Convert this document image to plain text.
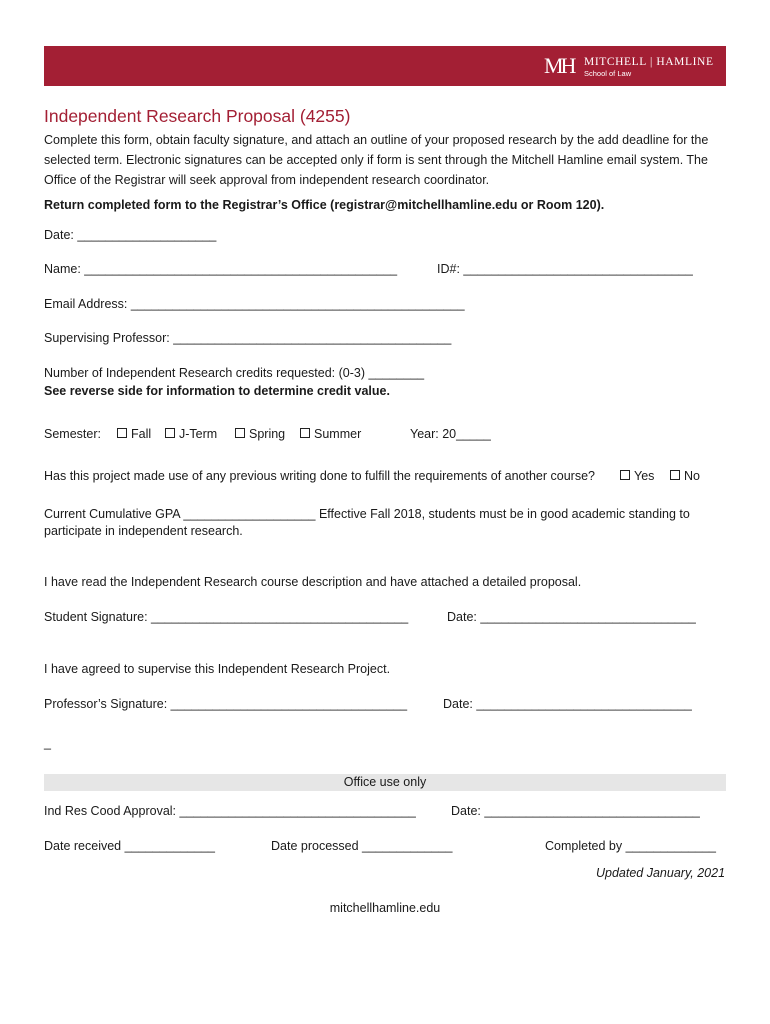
MH MITCHELL | HAMLINE
School of Law
Independent Research Proposal (4255)
Complete this form, obtain faculty signature, and attach an outline of your proposed research by the add deadline for the selected term. Electronic signatures can be accepted only if form is sent through the Mitchell Hamline email system. The Office of the Registrar will seek approval from independent research coordinator.
Return completed form to the Registrar’s Office (registrar@mitchellhamline.edu or Room 120).
Date: ____________________
Name: _____________________________________________	ID#: _________________________________
Email Address: ________________________________________________
Supervising Professor: ________________________________________
Number of Independent Research credits requested: (0-3) ________
See reverse side for information to determine credit value.
Semester:	Fall	J-Term	Spring	Summer	Year: 20_____
Has this project made use of any previous writing done to fulfill the requirements of another course?	Yes	No
Current Cumulative GPA ___________________ Effective Fall 2018, students must be in good academic standing to participate in independent research.
I have read the Independent Research course description and have attached a detailed proposal.
Student Signature: _____________________________________	Date: _______________________________
I have agreed to supervise this Independent Research Project.
Professor’s Signature: __________________________________	Date: _______________________________
_
Office use only
Ind Res Cood Approval: __________________________________	Date: _______________________________
Date received _____________	Date processed _____________	Completed by _____________
Updated January, 2021
mitchellhamline.edu
